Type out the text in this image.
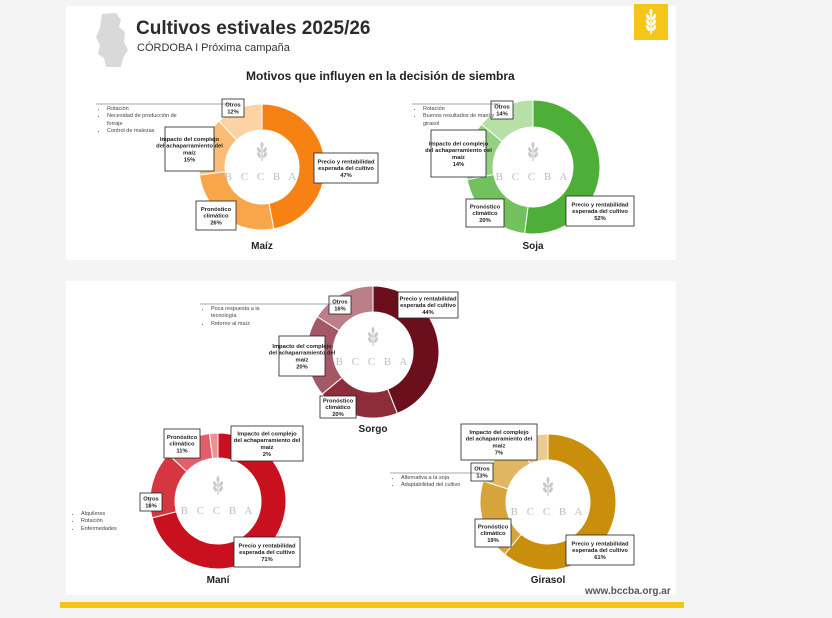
Cultivos estivales 2025/26
CÓRDOBA I Próxima campaña
Motivos que influyen en la decisión de siembra
B C C B A
Precio y rentabilidad
esperada del cultivo
47%
Pronóstico
climático
26%
Impacto del complejo
del achaparramiento del
maíz
15%
Otros
12%
Maíz
B C C B A
Precio y rentabilidad
esperada del cultivo
52%
Pronóstico
climático
20%
Impacto del complejo
del achaparramiento del
maíz
14%
Otros
14%
Soja
B C C B A
Precio y rentabilidad
esperada del cultivo
44%
Pronóstico
climático
20%
Impacto del complejo
del achaparramiento del
maíz
20%
Otros
16%
Sorgo
B C C B A
Precio y rentabilidad
esperada del cultivo
71%
Otros
16%
Pronóstico
climático
11%
Impacto del complejo
del achaparramiento del
maíz
2%
Maní
B C C B A
Precio y rentabilidad
esperada del cultivo
61%
Pronóstico
climático
19%
Otros
13%
Impacto del complejo
del achaparramiento del
maíz
7%
Girasol
• Rotación
• Necesidad de producción de forraje
• Control de malezas
• Rotación
• Buenos resultados de maní y girasol
• Poca respuesta a la tecnología
• Retorno al maíz
• Alquileres
• Rotación
• Enfermedades
• Alternativa a la soja
• Adaptabilidad del cultivo
www.bccba.org.ar
